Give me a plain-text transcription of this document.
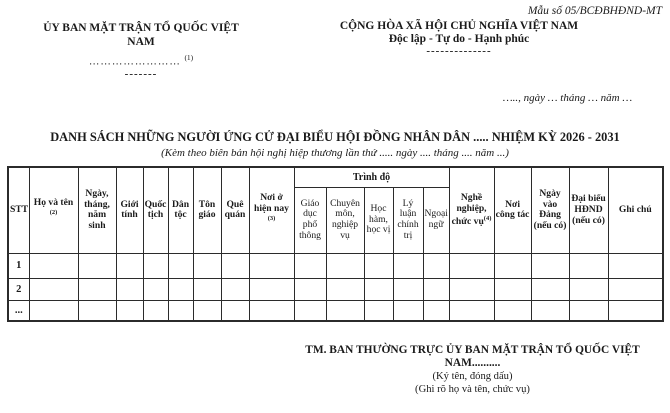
ỦY BAN MẶT TRẬN TỔ QUỐC VIỆT NAM
…………………… $^{(1)}$
-------
Mẫu số 05/BCĐBHĐND-MT
CỘNG HÒA XÃ HỘI CHỦ NGHĨA VIỆT NAM
Độc lập - Tự do - Hạnh phúc
--------------
….., ngày … tháng … năm …
DANH SÁCH NHỮNG NGƯỜI ỨNG CỬ ĐẠI BIỂU HỘI ĐỒNG NHÂN DÂN ..... NHIỆM KỲ 2026 - 2031
(Kèm theo biên bản hội nghị hiệp thương lần thứ ..... ngày .... tháng .... năm ...)
STT	Họ và tên $^{(2)}$	Ngày, tháng, năm sinh	Giới tính	Quốc tịch	Dân tộc	Tôn giáo	Quê quán	Nơi ở hiện nay $^{(3)}$	Trình độ					Nghề nghiệp, chức vụ$^{(4)}$	Nơi công tác	Ngày vào Đảng (nếu có)	Đại biểu HĐND (nếu có)	Ghi chú
									Giáo dục phổ thông	Chuyên môn, nghiệp vụ	Học hàm, học vị	Lý luận chính trị	Ngoại ngữ					
1																		
2																		
...																		
TM. BAN THƯỜNG TRỰC ỦY BAN MẶT TRẬN TỔ QUỐC VIỆT NAM..........
(Ký tên, đóng dấu)
(Ghi rõ họ và tên, chức vụ)
